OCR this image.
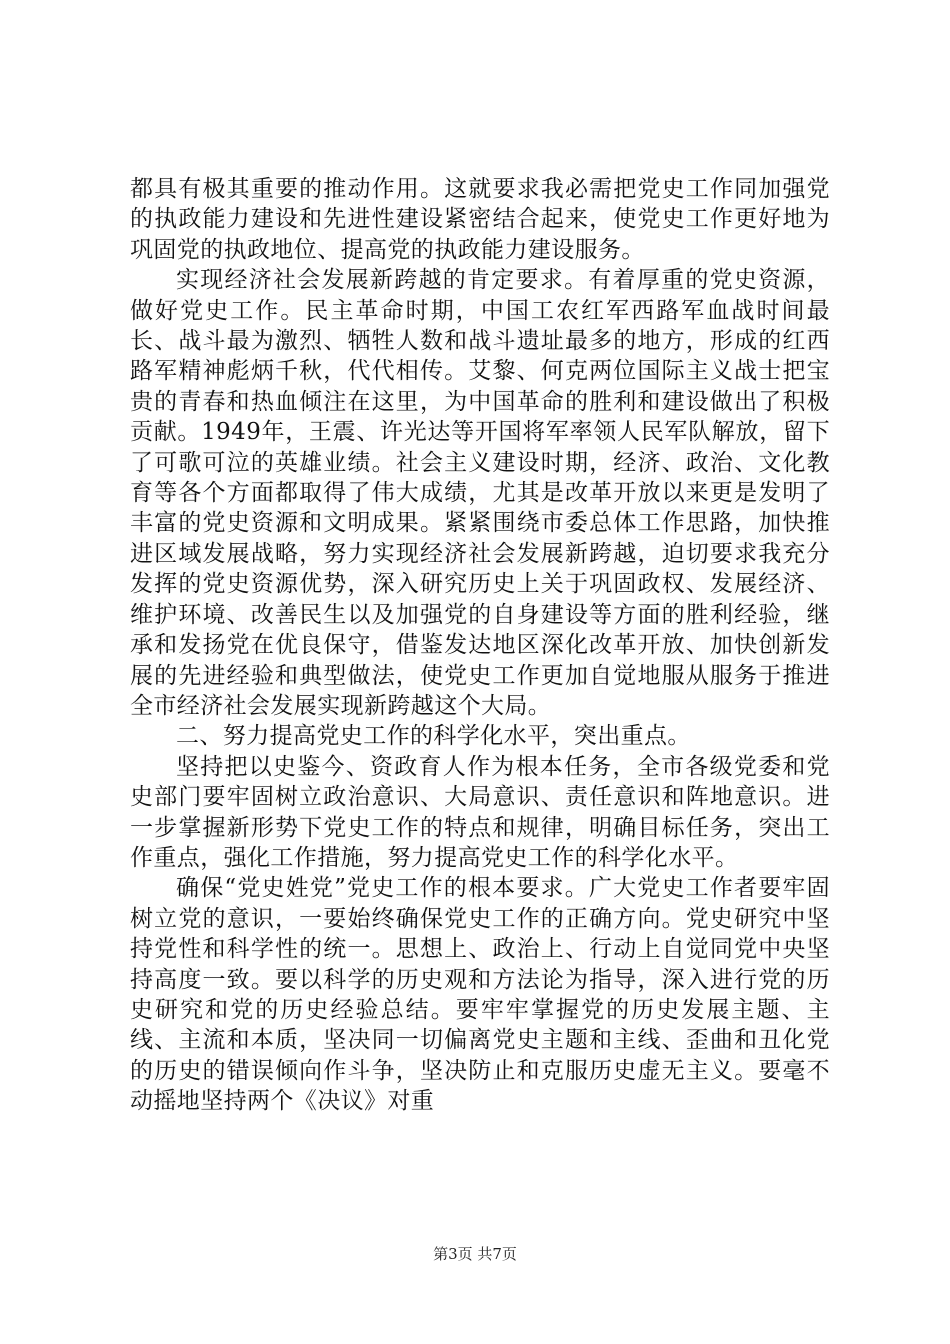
都具有极其重要的推动作用。这就要求我必需把党史工作同加强党的执政能力建设和先进性建设紧密结合起来，使党史工作更好地为巩固党的执政地位、提高党的执政能力建设服务。

实现经济社会发展新跨越的肯定要求。有着厚重的党史资源，做好党史工作。民主革命时期，中国工农红军西路军血战时间最长、战斗最为激烈、牺牲人数和战斗遗址最多的地方，形成的红西路军精神彪炳千秋，代代相传。艾黎、何克两位国际主义战士把宝贵的青春和热血倾注在这里，为中国革命的胜利和建设做出了积极贡献。1949年，王震、许光达等开国将军率领人民军队解放，留下了可歌可泣的英雄业绩。社会主义建设时期，经济、政治、文化教育等各个方面都取得了伟大成绩，尤其是改革开放以来更是发明了丰富的党史资源和文明成果。紧紧围绕市委总体工作思路，加快推进区域发展战略，努力实现经济社会发展新跨越，迫切要求我充分发挥的党史资源优势，深入研究历史上关于巩固政权、发展经济、维护环境、改善民生以及加强党的自身建设等方面的胜利经验，继承和发扬党在优良保守，借鉴发达地区深化改革开放、加快创新发展的先进经验和典型做法，使党史工作更加自觉地服从服务于推进全市经济社会发展实现新跨越这个大局。

二、努力提高党史工作的科学化水平，突出重点。

坚持把以史鉴今、资政育人作为根本任务，全市各级党委和党史部门要牢固树立政治意识、大局意识、责任意识和阵地意识。进一步掌握新形势下党史工作的特点和规律，明确目标任务，突出工作重点，强化工作措施，努力提高党史工作的科学化水平。

确保“党史姓党”党史工作的根本要求。广大党史工作者要牢固树立党的意识，一要始终确保党史工作的正确方向。党史研究中坚持党性和科学性的统一。思想上、政治上、行动上自觉同党中央坚持高度一致。要以科学的历史观和方法论为指导，深入进行党的历史研究和党的历史经验总结。要牢牢掌握党的历史发展主题、主线、主流和本质，坚决同一切偏离党史主题和主线、歪曲和丑化党的历史的错误倾向作斗争，坚决防止和克服历史虚无主义。要毫不动摇地坚持两个《决议》对重

第3页 共7页
